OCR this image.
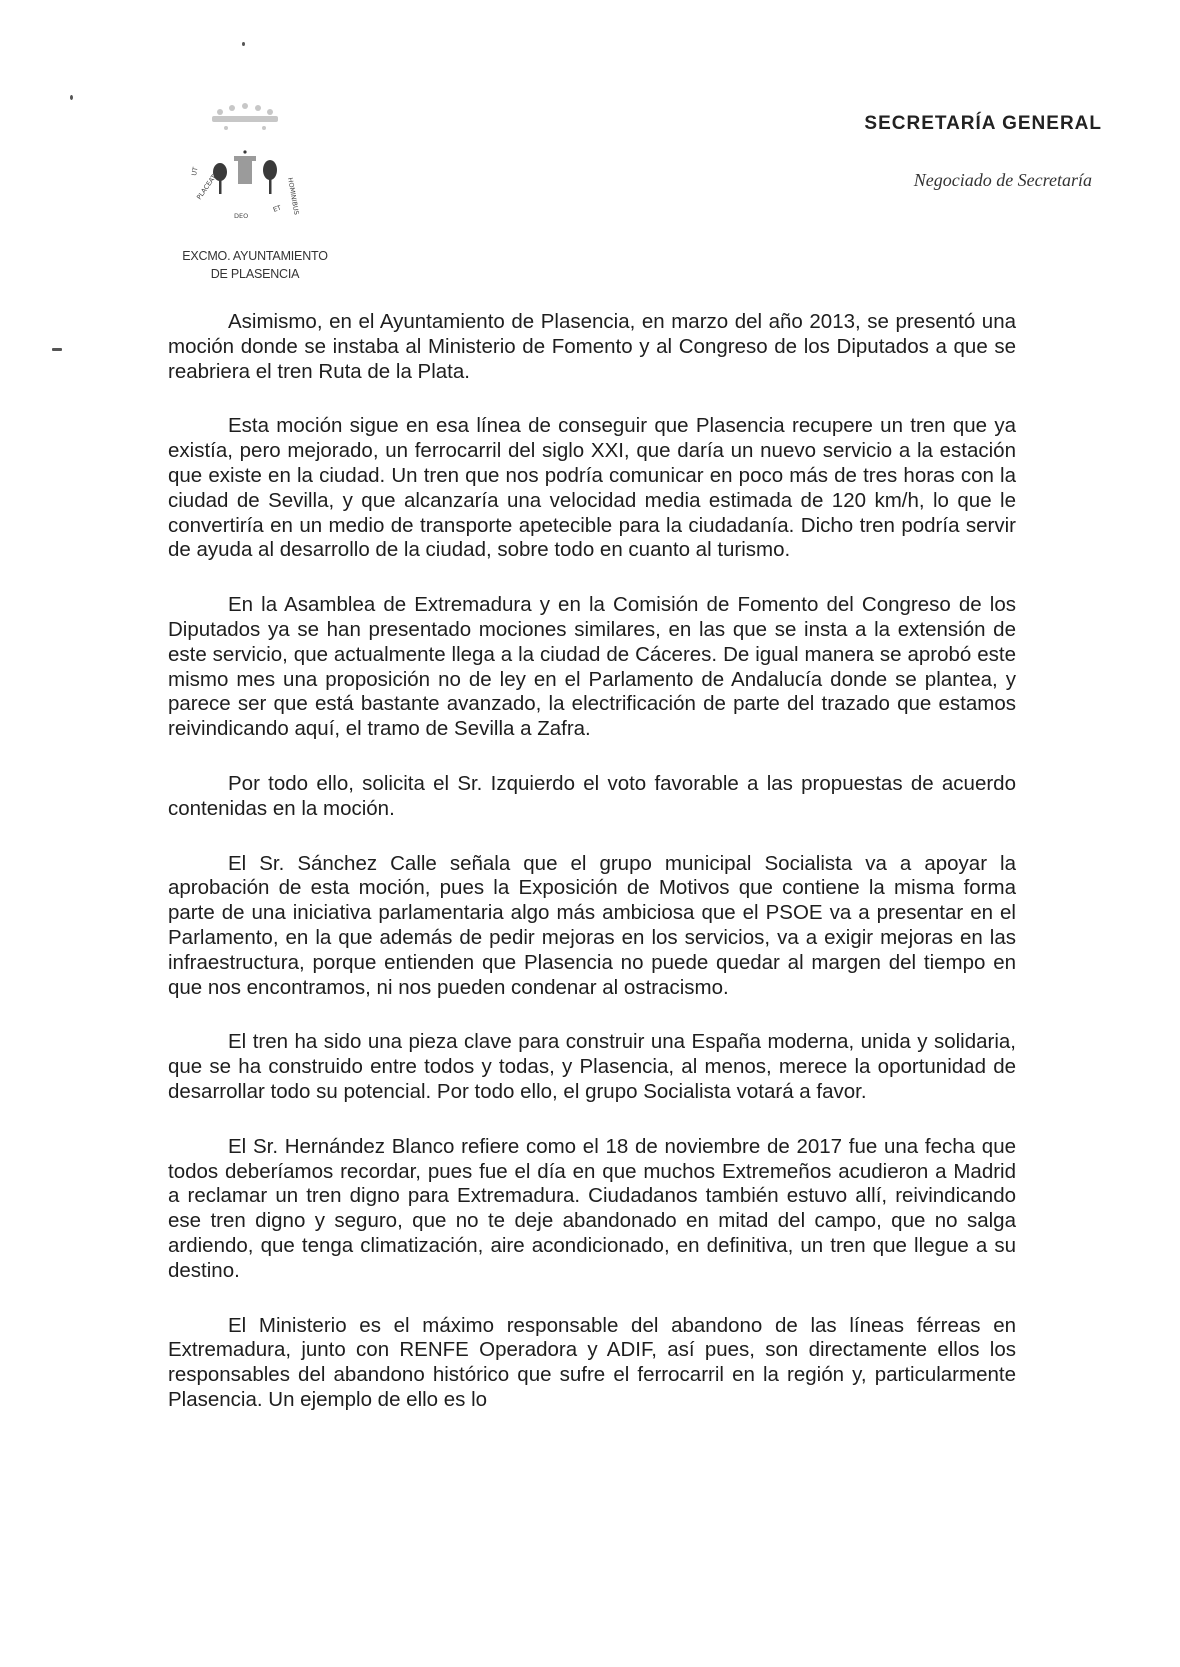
UT
PLACEAT
DEO
ET HOMINIBUS
EXCMO. AYUNTAMIENTO
DE PLASENCIA
SECRETARÍA GENERAL
Negociado de Secretaría

Asimismo, en el Ayuntamiento de Plasencia, en marzo del año 2013, se presentó una moción donde se instaba al Ministerio de Fomento y al Congreso de los Diputados a que se reabriera el tren Ruta de la Plata.

Esta moción sigue en esa línea de conseguir que Plasencia recupere un tren que ya existía, pero mejorado, un ferrocarril del siglo XXI, que daría un nuevo servicio a la estación que existe en la ciudad. Un tren que nos podría comunicar en poco más de tres horas con la ciudad de Sevilla, y que alcanzaría una velocidad media estimada de 120 km/h, lo que le convertiría en un medio de transporte apetecible para la ciudadanía. Dicho tren podría servir de ayuda al desarrollo de la ciudad, sobre todo en cuanto al turismo.

En la Asamblea de Extremadura y en la Comisión de Fomento del Congreso de los Diputados ya se han presentado mociones similares, en las que se insta a la extensión de este servicio, que actualmente llega a la ciudad de Cáceres. De igual manera se aprobó este mismo mes una proposición no de ley en el Parlamento de Andalucía donde se plantea, y parece ser que está bastante avanzado, la electrificación de parte del trazado que estamos reivindicando aquí, el tramo de Sevilla a Zafra.

Por todo ello, solicita el Sr. Izquierdo el voto favorable a las propuestas de acuerdo contenidas en la moción.

El Sr. Sánchez Calle señala que el grupo municipal Socialista va a apoyar la aprobación de esta moción, pues la Exposición de Motivos que contiene la misma forma parte de una iniciativa parlamentaria algo más ambiciosa que el PSOE va a presentar en el Parlamento, en la que además de pedir mejoras en los servicios, va a exigir mejoras en las infraestructura, porque entienden que Plasencia no puede quedar al margen del tiempo en que nos encontramos, ni nos pueden condenar al ostracismo.

El tren ha sido una pieza clave para construir una España moderna, unida y solidaria, que se ha construido entre todos y todas, y Plasencia, al menos, merece la oportunidad de desarrollar todo su potencial. Por todo ello, el grupo Socialista votará a favor.

El Sr. Hernández Blanco refiere como el 18 de noviembre de 2017 fue una fecha que todos deberíamos recordar, pues fue el día en que muchos Extremeños acudieron a Madrid a reclamar un tren digno para Extremadura. Ciudadanos también estuvo allí, reivindicando ese tren digno y seguro, que no te deje abandonado en mitad del campo, que no salga ardiendo, que tenga climatización, aire acondicionado, en definitiva, un tren que llegue a su destino.

El Ministerio es el máximo responsable del abandono de las líneas férreas en Extremadura, junto con RENFE Operadora y ADIF, así pues, son directamente ellos los responsables del abandono histórico que sufre el ferrocarril en la región y, particularmente Plasencia. Un ejemplo de ello es lo
